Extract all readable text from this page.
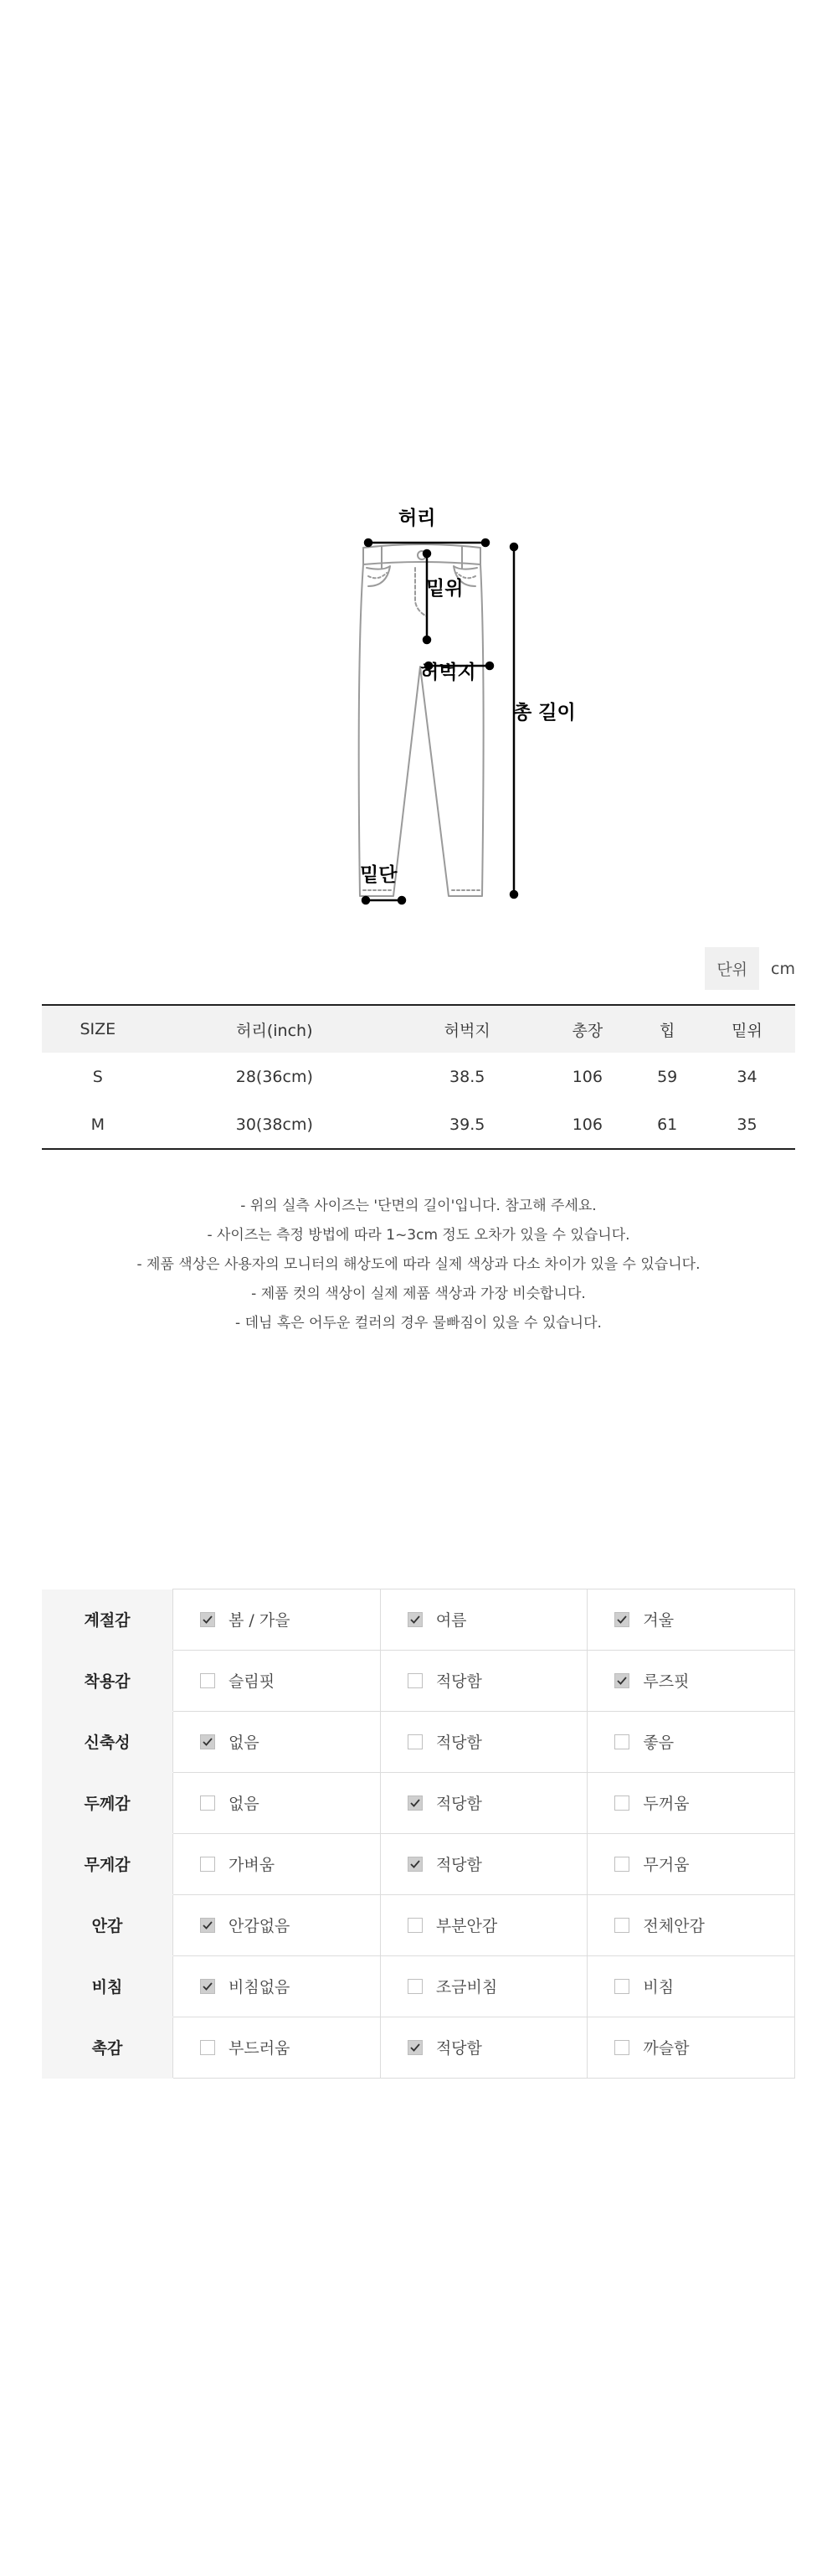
허리
밑위
허벅지
총 길이
밑단
단위	cm
SIZE	허리(inch)	허벅지	총장	힙	밑위
S	28(36cm)	38.5	106	59	34
M	30(38cm)	39.5	106	61	35
- 위의 실측 사이즈는 '단면의 길이'입니다. 참고해 주세요.
- 사이즈는 측정 방법에 따라 1~3cm 정도 오차가 있을 수 있습니다.
- 제품 색상은 사용자의 모니터의 해상도에 따라 실제 색상과 다소 차이가 있을 수 있습니다.
- 제품 컷의 색상이 실제 제품 색상과 가장 비슷합니다.
- 데님 혹은 어두운 컬러의 경우 물빠짐이 있을 수 있습니다.
계절감	봄 / 가을	여름	겨울

착용감	슬림핏	적당함	루즈핏

신축성	없음	적당함	좋음

두께감	없음	적당함	두꺼움

무게감	가벼움	적당함	무거움

안감	안감없음	부분안감	전체안감

비침	비침없음	조금비침	비침

촉감	부드러움	적당함	까슬함
